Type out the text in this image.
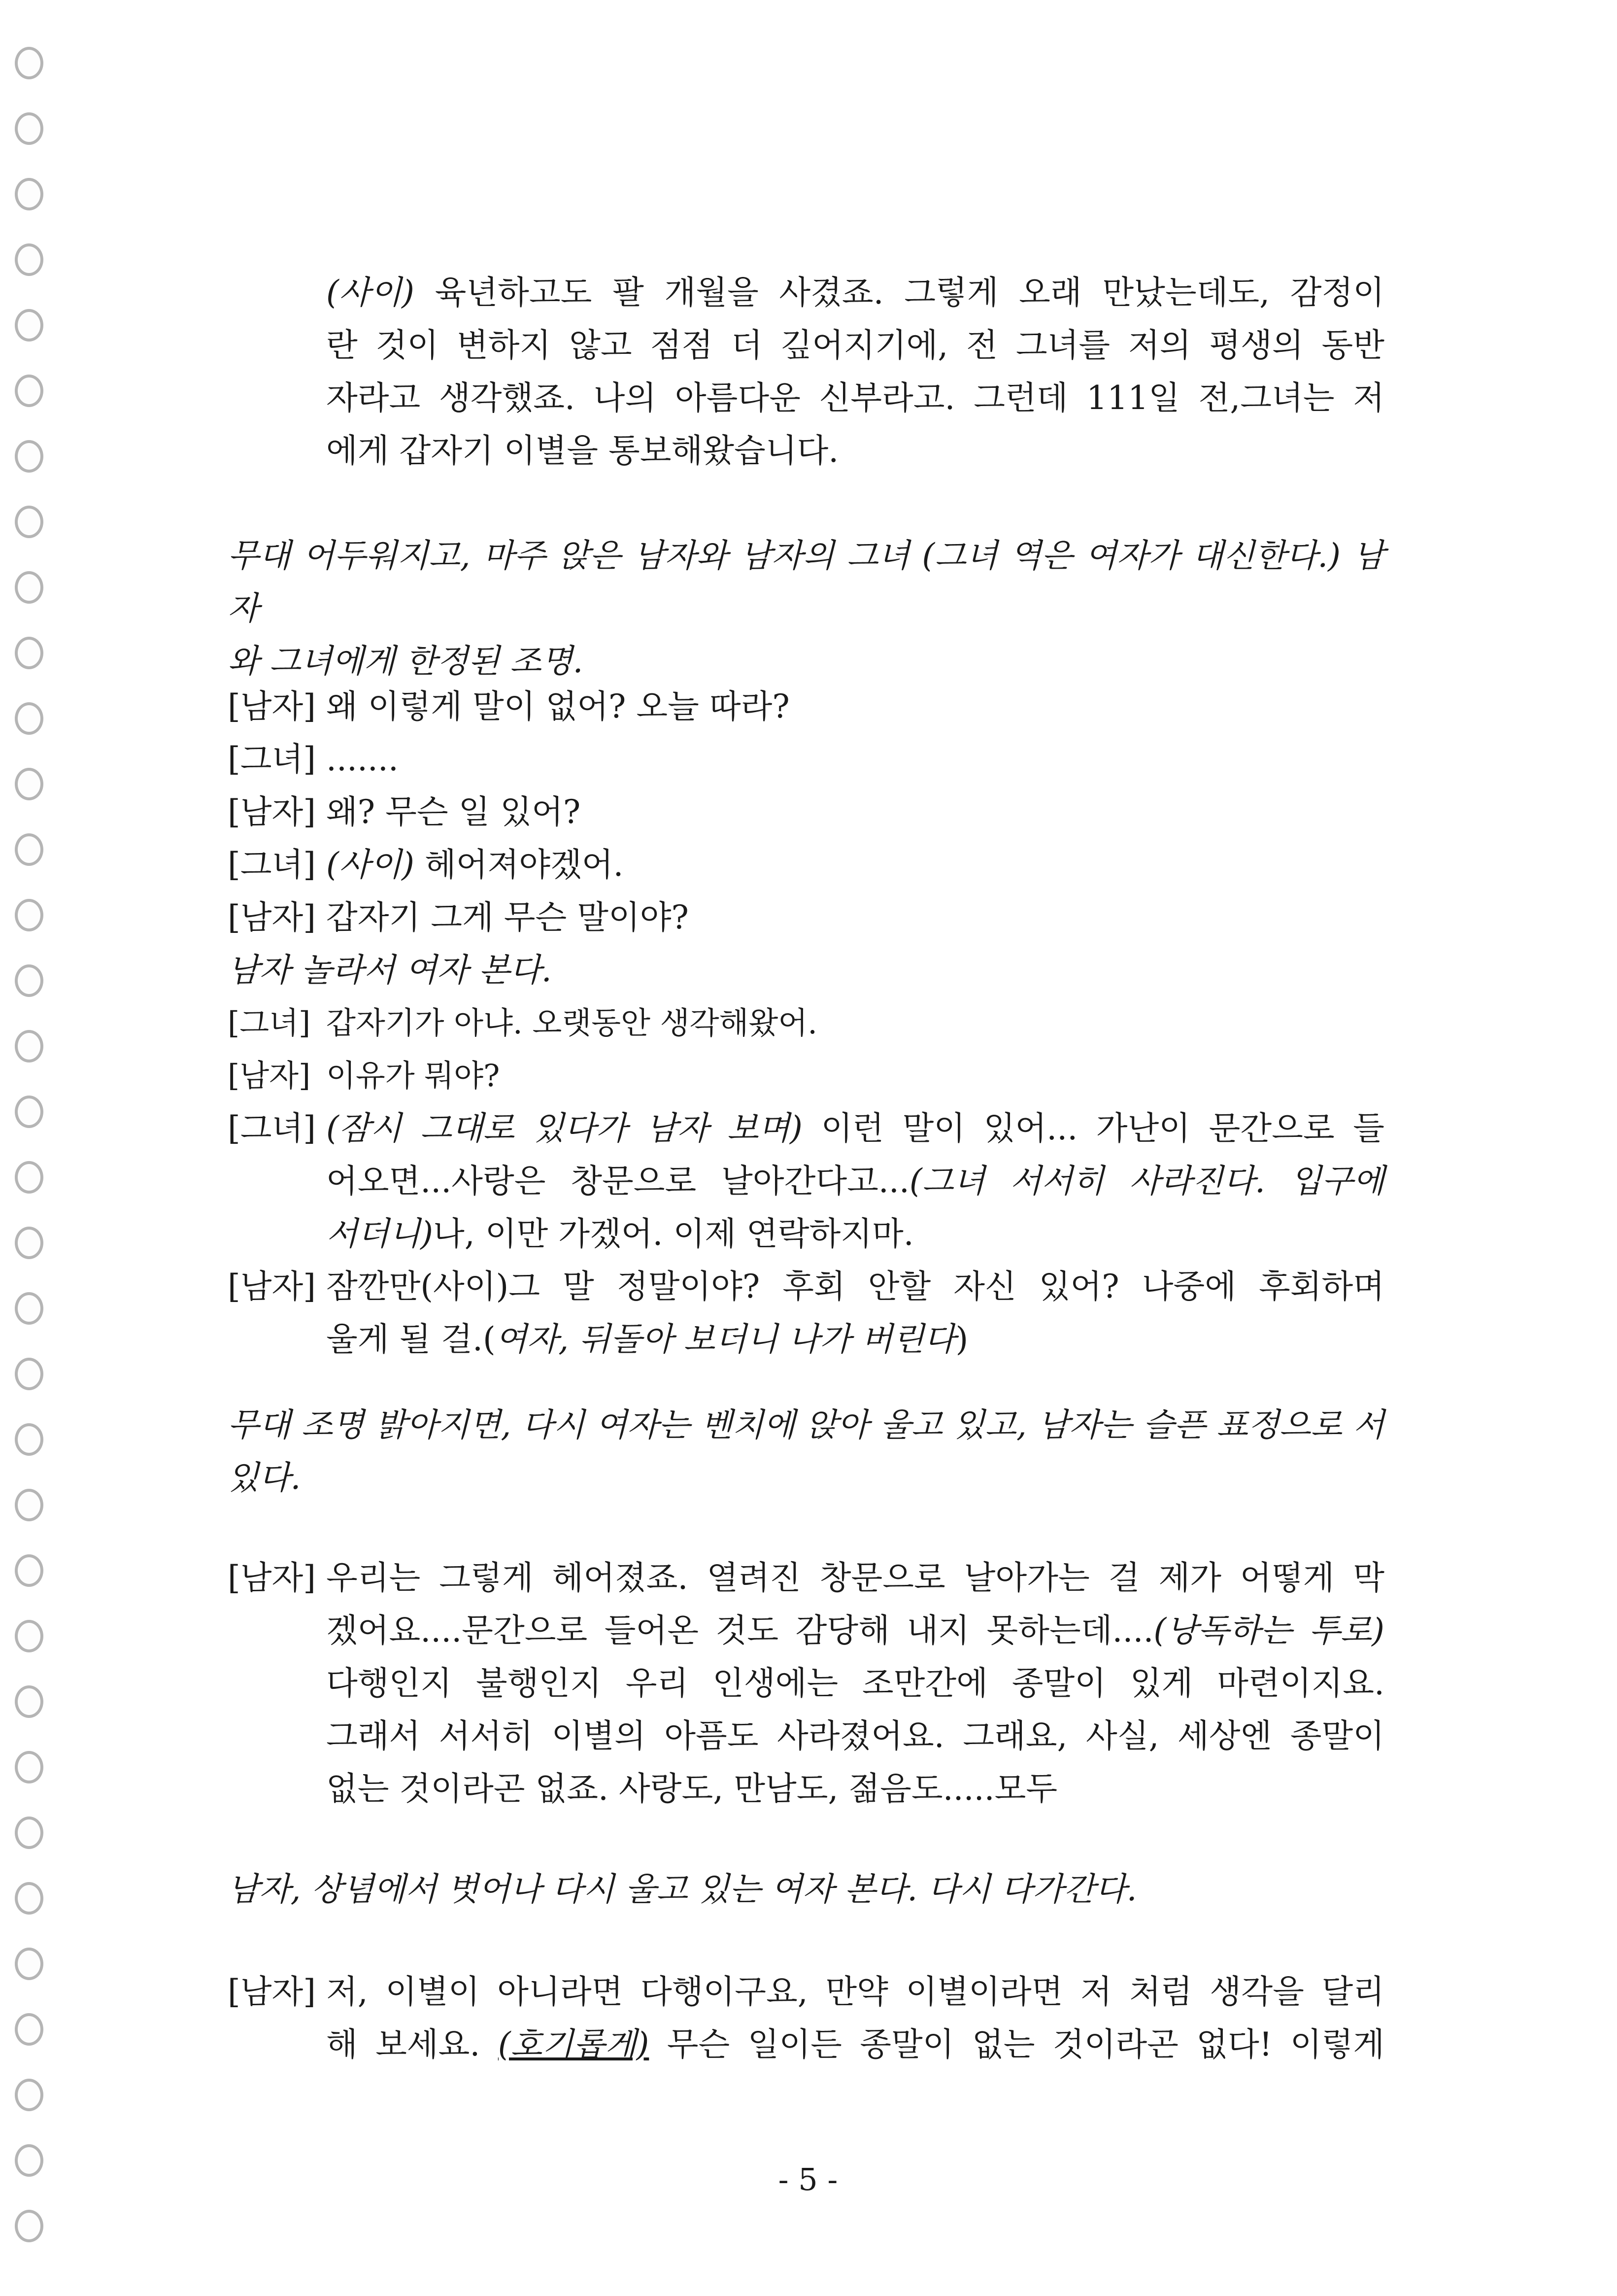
(사이) 육년하고도 팔 개월을 사겼죠. 그렇게 오래 만났는데도, 감정이
란 것이 변하지 않고 점점 더 깊어지기에, 전 그녀를 저의 평생의 동반
자라고 생각했죠. 나의 아름다운 신부라고. 그런데 111일 전,그녀는 저
에게 갑자기 이별을 통보해왔습니다.
무대 어두워지고, 마주 앉은 남자와 남자의 그녀 (그녀 역은 여자가 대신한다.) 남자
와 그녀에게 한정된 조명.
[남자] 왜 이렇게 말이 없어? 오늘 따라?
[그녀] .......
[남자] 왜? 무슨 일 있어?
[그녀] (사이) 헤어져야겠어.
[남자] 갑자기 그게 무슨 말이야?
남자 놀라서 여자 본다.
[그녀] 갑자기가 아냐. 오랫동안 생각해왔어.
[남자] 이유가 뭐야?
[그녀] (잠시 그대로 있다가 남자 보며) 이런 말이 있어... 가난이 문간으로 들
어오면...사랑은 창문으로 날아간다고...(그녀 서서히 사라진다. 입구에
서더니)나, 이만 가겠어. 이제 연락하지마.
[남자] 잠깐만(사이)그 말 정말이야? 후회 안할 자신 있어? 나중에 후회하며
울게 될 걸.(여자, 뒤돌아 보더니 나가 버린다)
무대 조명 밝아지면, 다시 여자는 벤치에 앉아 울고 있고, 남자는 슬픈 표정으로 서
있다.
[남자] 우리는 그렇게 헤어졌죠. 열려진 창문으로 날아가는 걸 제가 어떻게 막
겠어요....문간으로 들어온 것도 감당해 내지 못하는데....(낭독하는 투로)
다행인지 불행인지 우리 인생에는 조만간에 종말이 있게 마련이지요.
그래서 서서히 이별의 아픔도 사라졌어요. 그래요, 사실, 세상엔 종말이
없는 것이라곤 없죠. 사랑도, 만남도, 젊음도.....모두
남자, 상념에서 벗어나 다시 울고 있는 여자 본다. 다시 다가간다.
[남자] 저, 이별이 아니라면 다행이구요, 만약 이별이라면 저 처럼 생각을 달리
해 보세요. (호기롭게) 무슨 일이든 종말이 없는 것이라곤 없다! 이렇게
- 5 -
